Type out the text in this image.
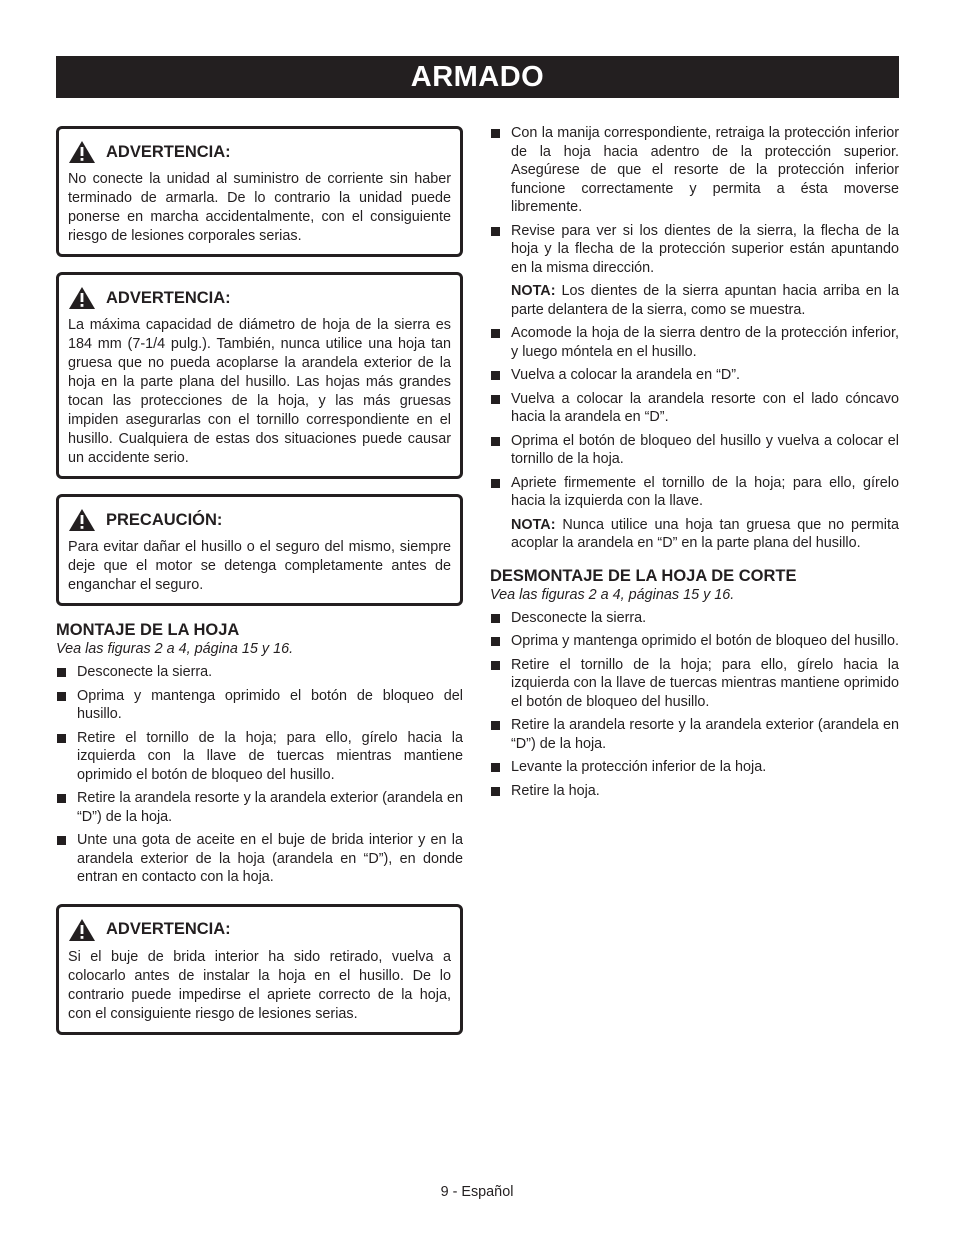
ARMADO
ADVERTENCIA:
No conecte la unidad al suministro de corriente sin haber terminado de armarla. De lo contrario la unidad puede ponerse en marcha accidentalmente, con el consiguiente riesgo de lesiones corporales serias.
ADVERTENCIA:
La máxima capacidad de diámetro de hoja de la sierra es 184 mm (7-1/4 pulg.). También, nunca utilice una hoja tan gruesa que no pueda acoplarse la arandela exterior de la hoja en la parte plana del husillo. Las hojas más grandes tocan las protecciones de la hoja, y las más gruesas impiden asegurarlas con el tornillo correspondiente en el husillo. Cualquiera de estas dos situaciones puede causar un accidente serio.
PRECAUCIÓN:
Para evitar dañar el husillo o el seguro del mismo, siempre deje que el motor se detenga completamente antes de enganchar el seguro.
MONTAJE DE LA HOJA
Vea las figuras 2 a 4, página 15 y 16.
Desconecte la sierra.
Oprima y mantenga oprimido el botón de bloqueo del husillo.
Retire el tornillo de la hoja; para ello, gírelo hacia la izquierda con la llave de tuercas mientras mantiene oprimido el botón de bloqueo del husillo.
Retire la arandela resorte y la arandela exterior (arandela en “D”) de la hoja.
Unte una gota de aceite en el buje de brida interior y en la arandela exterior de la hoja (arandela en “D”), en donde entran en contacto con la hoja.
ADVERTENCIA:
Si el buje de brida interior ha sido retirado, vuelva a colocarlo antes de instalar la hoja en el husillo. De lo contrario puede impedirse el apriete correcto de la hoja, con el consiguiente riesgo de lesiones serias.
Con la manija correspondiente, retraiga la protección inferior de la hoja hacia adentro de la protección superior. Asegúrese de que el resorte de la protección inferior funcione correctamente y permita a ésta moverse libremente.
Revise para ver si los dientes de la sierra, la flecha de la hoja y la flecha de la protección superior están apuntando en la misma dirección.
NOTA: Los dientes de la sierra apuntan hacia arriba en la parte delantera de la sierra, como se muestra.
Acomode la hoja de la sierra dentro de la protección inferior, y luego móntela en el husillo.
Vuelva a colocar la arandela en “D”.
Vuelva a colocar la arandela resorte con el lado cóncavo hacia la arandela en “D”.
Oprima el botón de bloqueo del husillo y vuelva a colocar el tornillo de la hoja.
Apriete firmemente el tornillo de la hoja; para ello, gírelo hacia la izquierda con la llave.
NOTA: Nunca utilice una hoja tan gruesa que no permita acoplar la arandela en “D” en la parte plana del husillo.
DESMONTAJE DE LA HOJA DE CORTE
Vea las figuras 2 a 4, páginas 15 y 16.
Desconecte la sierra.
Oprima y mantenga oprimido el botón de bloqueo del husillo.
Retire el tornillo de la hoja; para ello, gírelo hacia la izquierda con la llave de tuercas mientras mantiene oprimido el botón de bloqueo del husillo.
Retire la arandela resorte y la arandela exterior (arandela en “D”) de la hoja.
Levante la protección inferior de la hoja.
Retire la hoja.
9 - Español
